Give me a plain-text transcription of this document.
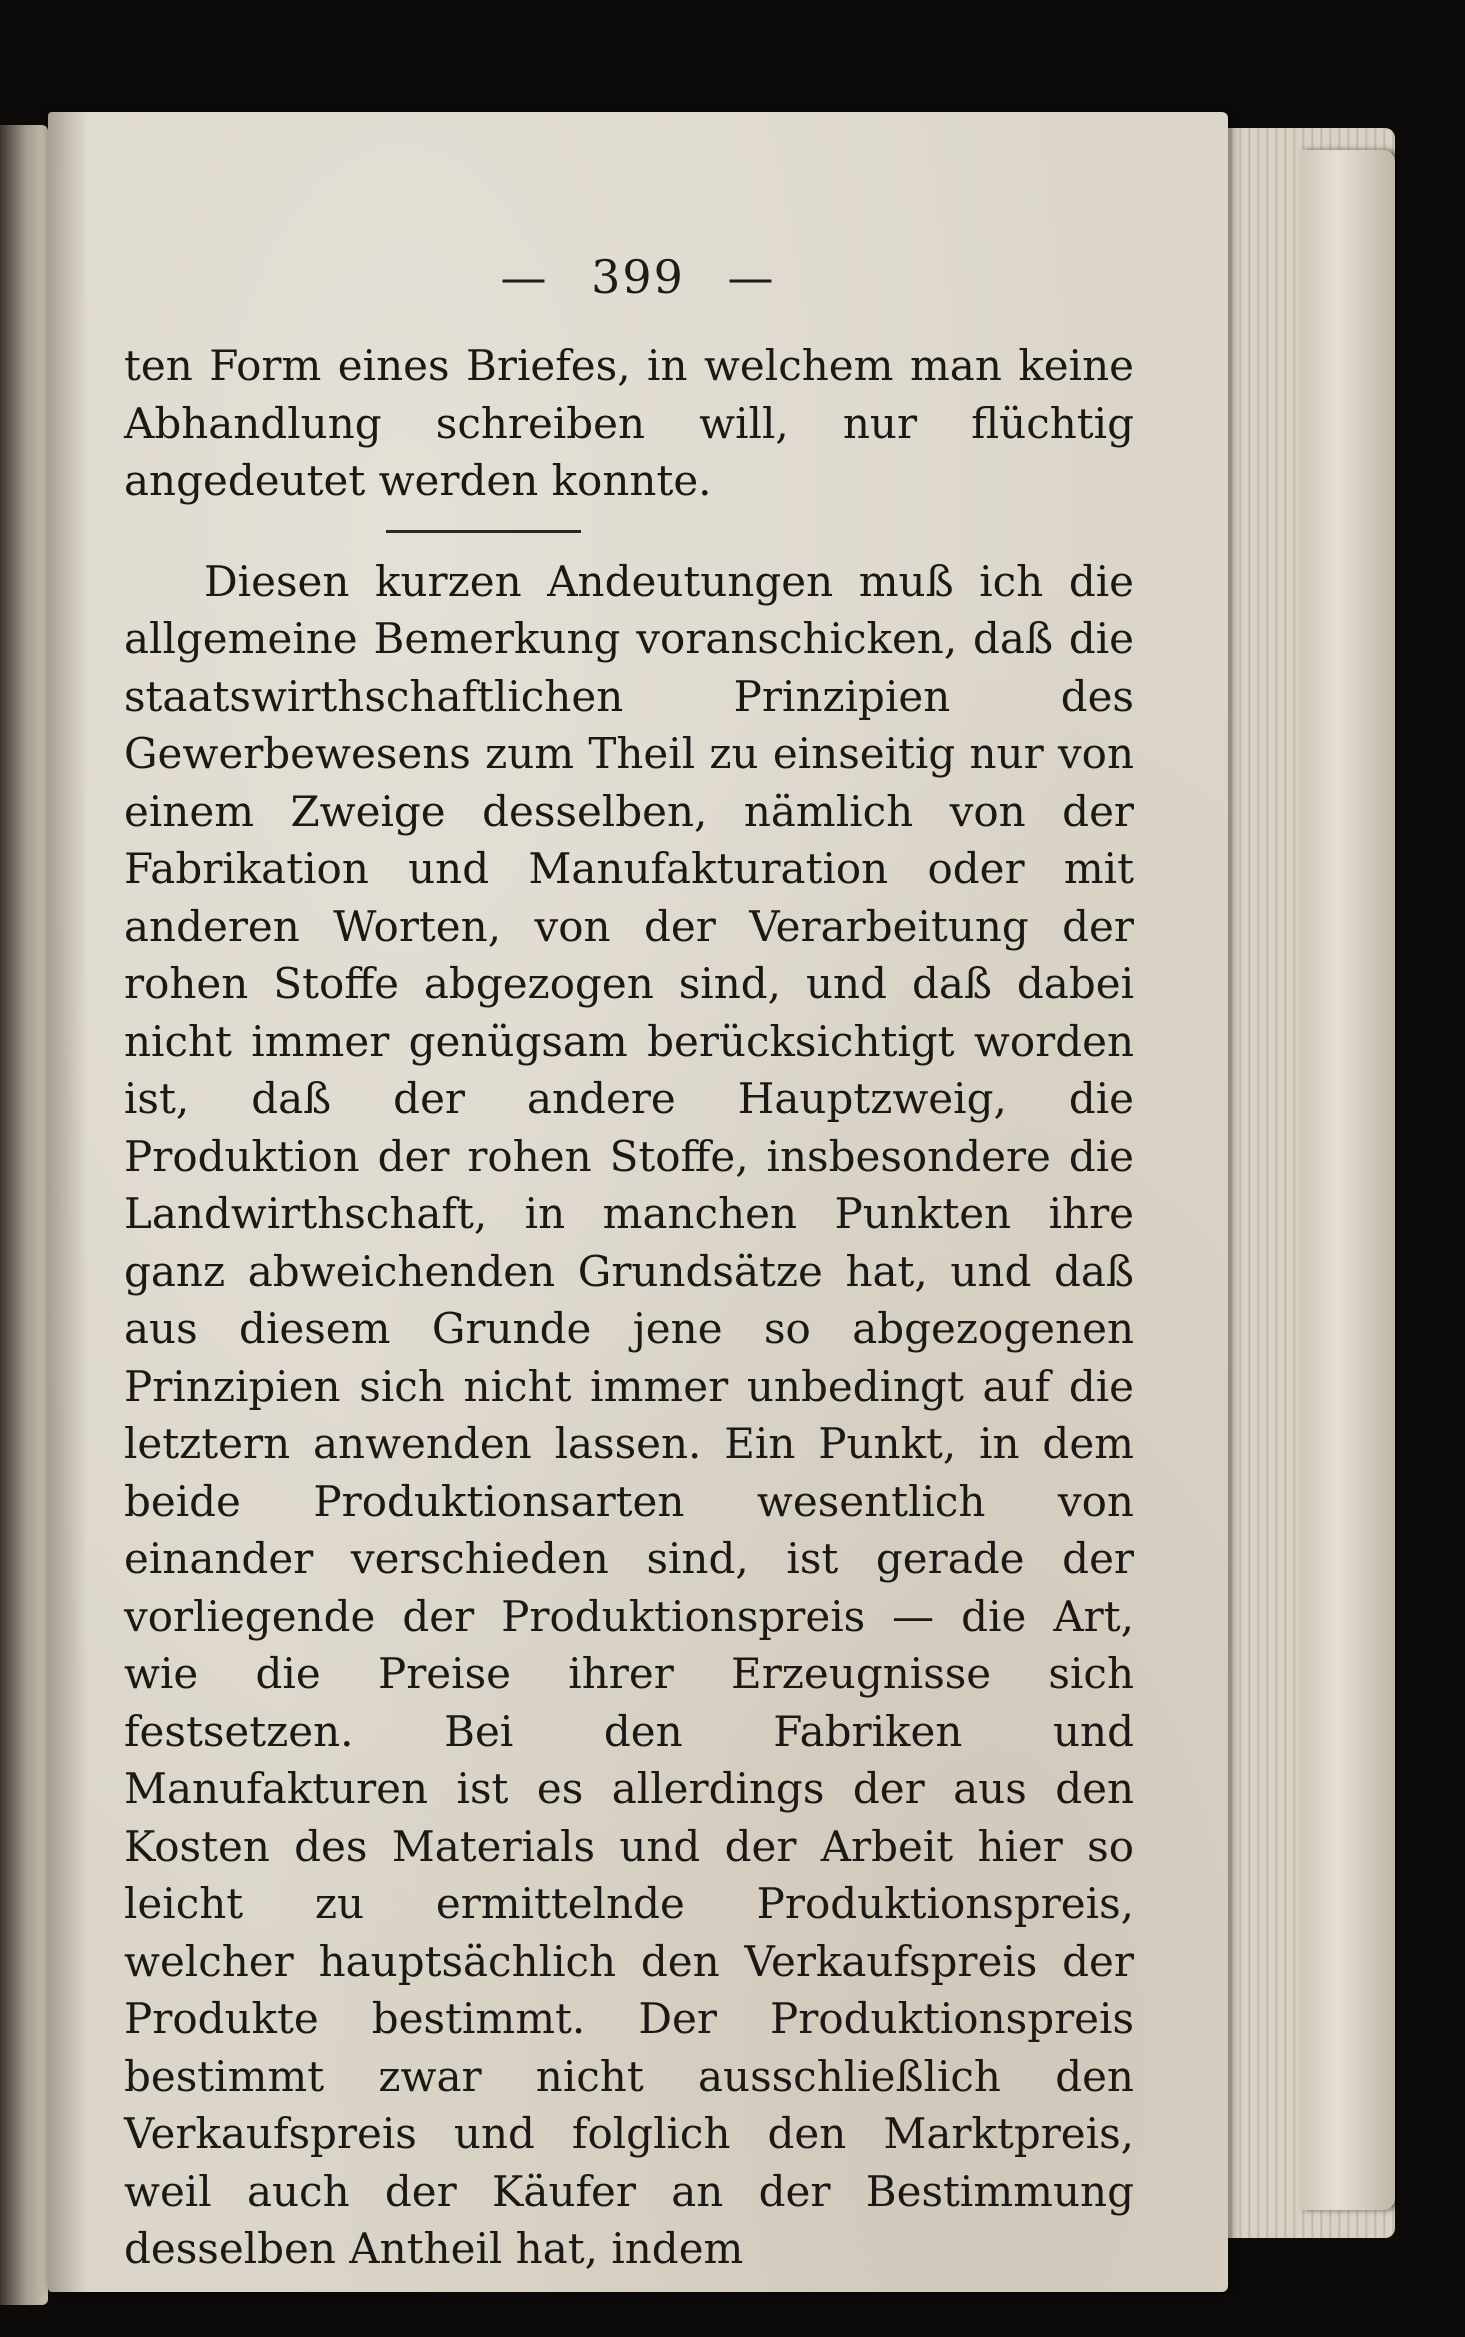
— 399 —

ten Form eines Briefes, in welchem man keine Abhandlung schreiben will, nur flüchtig angedeutet werden konnte.

Diesen kurzen Andeutungen muß ich die allgemeine Bemerkung voranschicken, daß die staatswirthschaftlichen Prinzipien des Gewerbewesens zum Theil zu einseitig nur von einem Zweige desselben, nämlich von der Fabrikation und Manufakturation oder mit anderen Worten, von der Verarbeitung der rohen Stoffe abgezogen sind, und daß dabei nicht immer genügsam berücksichtigt worden ist, daß der andere Hauptzweig, die Produktion der rohen Stoffe, insbesondere die Landwirthschaft, in manchen Punkten ihre ganz abweichenden Grundsätze hat, und daß aus diesem Grunde jene so abgezogenen Prinzipien sich nicht immer unbedingt auf die letztern anwenden lassen. Ein Punkt, in dem beide Produktionsarten wesentlich von einander verschieden sind, ist gerade der vorliegende der Produktionspreis — die Art, wie die Preise ihrer Erzeugnisse sich festsetzen. Bei den Fabriken und Manufakturen ist es allerdings der aus den Kosten des Materials und der Arbeit hier so leicht zu ermittelnde Produktionspreis, welcher hauptsächlich den Verkaufspreis der Produkte bestimmt. Der Produktionspreis bestimmt zwar nicht ausschließlich den Verkaufspreis und folglich den Marktpreis, weil auch der Käufer an der Bestimmung desselben Antheil hat, indem
